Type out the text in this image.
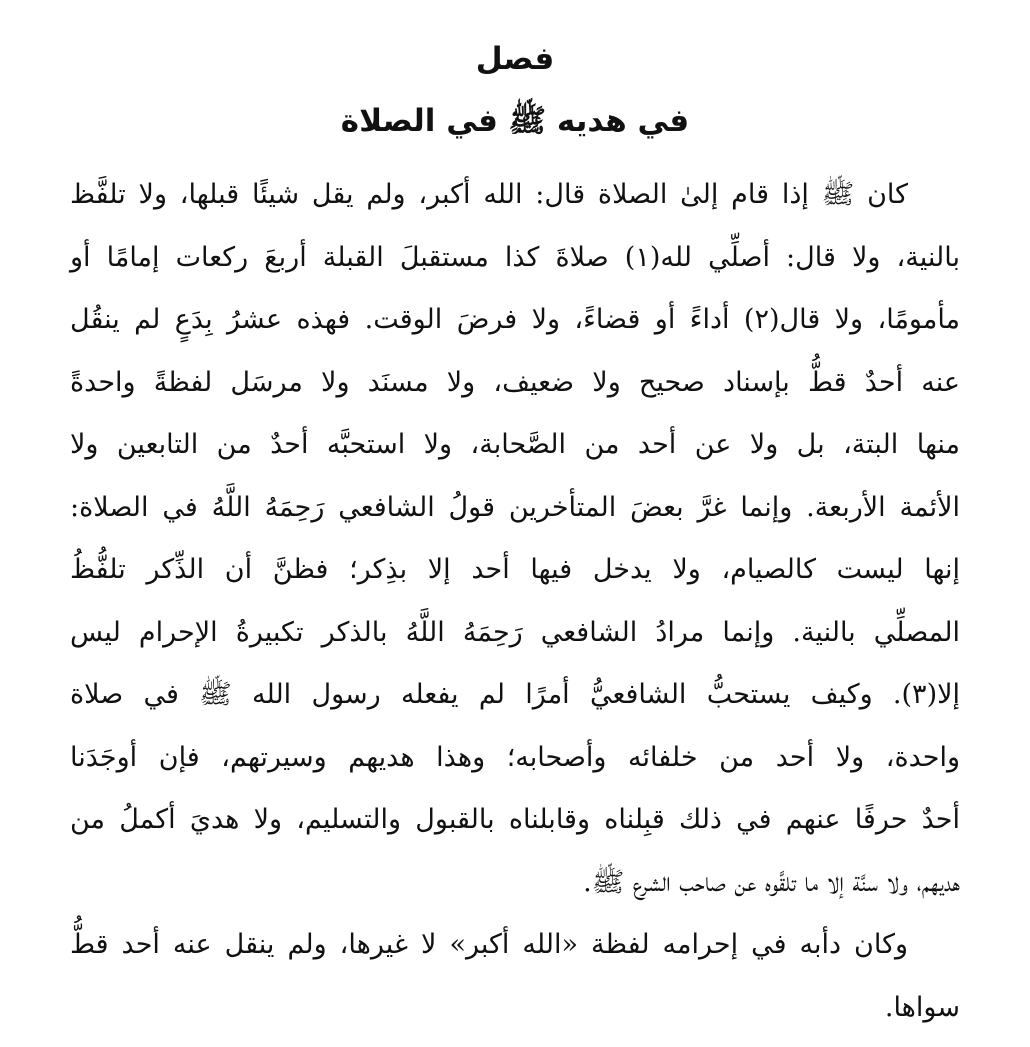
فصل
في هديه ﷺ في الصلاة
كان ﷺ إذا قام إلىٰ الصلاة قال: الله أكبر، ولم يقل شيئًا قبلها، ولا تلفَّظ
بالنية، ولا قال: أصلِّي لله(١) صلاةَ كذا مستقبلَ القبلة أربعَ ركعات إمامًا أو
مأمومًا، ولا قال(٢) أداءً أو قضاءً، ولا فرضَ الوقت. فهذه عشرُ بِدَعٍ لم ينقُل
عنه أحدٌ قطُّ بإسناد صحيح ولا ضعيف، ولا مسنَد ولا مرسَل لفظةً واحدةً
منها البتة، بل ولا عن أحد من الصَّحابة، ولا استحبَّه أحدٌ من التابعين ولا
الأئمة الأربعة. وإنما غرَّ بعضَ المتأخرين قولُ الشافعي رَحِمَهُ اللَّهُ في الصلاة:
إنها ليست كالصيام، ولا يدخل فيها أحد إلا بذِكر؛ فظنَّ أن الذِّكر تلفُّظُ
المصلِّي بالنية. وإنما مرادُ الشافعي رَحِمَهُ اللَّهُ بالذكر تكبيرةُ الإحرام ليس
إلا(٣). وكيف يستحبُّ الشافعيُّ أمرًا لم يفعله رسول الله ﷺ في صلاة
واحدة، ولا أحد من خلفائه وأصحابه؛ وهذا هديهم وسيرتهم، فإن أوجَدَنا
أحدٌ حرفًا عنهم في ذلك قبِلناه وقابلناه بالقبول والتسليم، ولا هديَ أكملُ من
هديهم، ولا سنَّة إلا ما تلقَّوه عن صاحب الشرع ﷺ.
وكان دأبه في إحرامه لفظة «الله أكبر» لا غيرها، ولم ينقل عنه أحد قطُّ
سواها.
